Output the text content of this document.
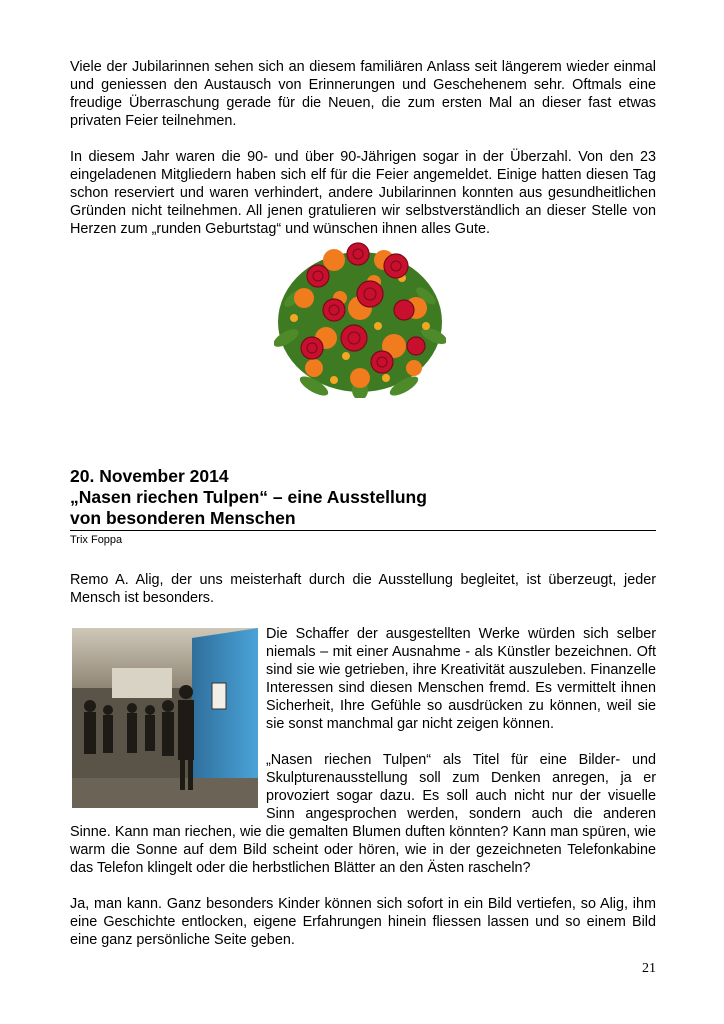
Viele der Jubilarinnen sehen sich an diesem familiären Anlass seit längerem wieder einmal und geniessen den Austausch von Erinnerungen und Geschehenem sehr. Oftmals eine freudige Überraschung gerade für die Neuen, die zum ersten Mal an dieser fast etwas privaten Feier teilnehmen.

In diesem Jahr waren die 90- und über 90-Jährigen sogar in der Überzahl. Von den 23 eingeladenen Mitgliedern haben sich elf für die Feier angemeldet. Einige hatten diesen Tag schon reserviert und waren verhindert, andere Jubilarinnen konnten aus gesundheitlichen Gründen nicht teilnehmen. All jenen gratulieren wir selbstverständlich an dieser Stelle von Herzen zum „runden Geburtstag“ und wünschen ihnen alles Gute.

20. November 2014
„Nasen riechen Tulpen“ – eine Ausstellung
von besonderen Menschen
Trix Foppa

Remo A. Alig, der uns meisterhaft durch die Ausstellung begleitet, ist überzeugt, jeder Mensch ist besonders.

Die Schaffer der ausgestellten Werke würden sich selber niemals – mit einer Ausnahme - als Künstler bezeichnen. Oft sind sie wie getrieben, ihre Kreativität auszuleben. Finanzelle Interessen sind diesen Menschen fremd. Es vermittelt ihnen Sicherheit, Ihre Gefühle so ausdrücken zu können, weil sie sie sonst manchmal gar nicht zeigen können.

„Nasen riechen Tulpen“ als Titel für eine Bilder- und Skulpturenausstellung soll zum Denken anregen, ja er provoziert sogar dazu. Es soll auch nicht nur der visuelle Sinn angesprochen werden, sondern auch die anderen Sinne. Kann man riechen, wie die gemalten Blumen duften könnten? Kann man spüren, wie warm die Sonne auf dem Bild scheint oder hören, wie in der gezeichneten Telefonkabine das Telefon klingelt oder die herbstlichen Blätter an den Ästen rascheln?

Ja, man kann. Ganz besonders Kinder können sich sofort in ein Bild vertiefen, so Alig, ihm eine Geschichte entlocken, eigene Erfahrungen hinein fliessen lassen und so einem Bild eine ganz persönliche Seite geben.

21
